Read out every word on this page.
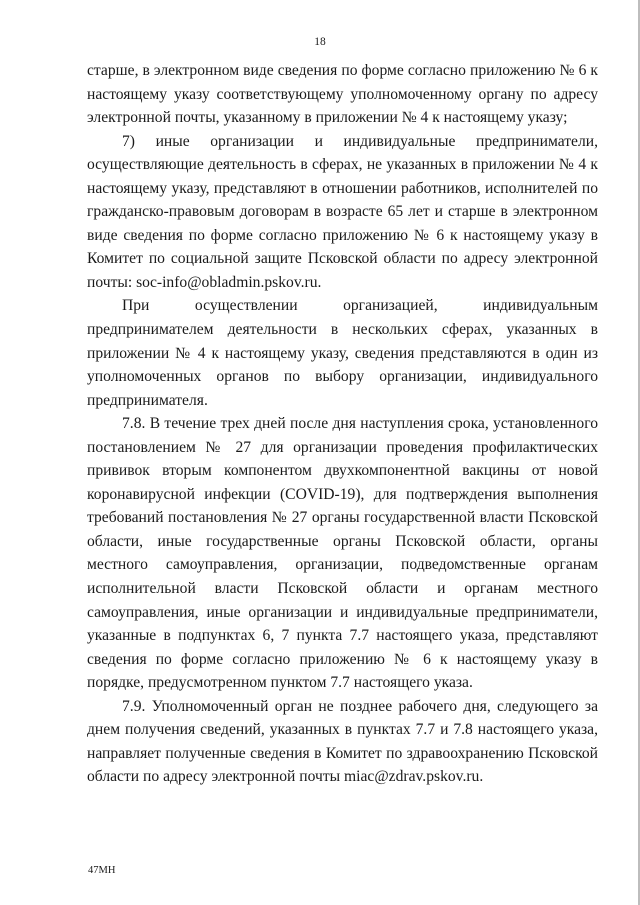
18

старше, в электронном виде сведения по форме согласно приложению № 6 к настоящему указу соответствующему уполномоченному органу по адресу электронной почты, указанному в приложении № 4 к настоящему указу;

7) иные организации и индивидуальные предприниматели, осуществляющие деятельность в сферах, не указанных в приложении № 4 к настоящему указу, представляют в отношении работников, исполнителей по гражданско-правовым договорам в возрасте 65 лет и старше в электронном виде сведения по форме согласно приложению № 6 к настоящему указу в Комитет по социальной защите Псковской области по адресу электронной почты: soc-info@obladmin.pskov.ru.

При осуществлении организацией, индивидуальным предпринимателем деятельности в нескольких сферах, указанных в приложении № 4 к настоящему указу, сведения представляются в один из уполномоченных органов по выбору организации, индивидуального предпринимателя.

7.8. В течение трех дней после дня наступления срока, установленного постановлением № 27 для организации проведения профилактических прививок вторым компонентом двухкомпонентной вакцины от новой коронавирусной инфекции (COVID-19), для подтверждения выполнения требований постановления № 27 органы государственной власти Псковской области, иные государственные органы Псковской области, органы местного самоуправления, организации, подведомственные органам исполнительной власти Псковской области и органам местного самоуправления, иные организации и индивидуальные предприниматели, указанные в подпунктах 6, 7 пункта 7.7 настоящего указа, представляют сведения по форме согласно приложению № 6 к настоящему указу в порядке, предусмотренном пунктом 7.7 настоящего указа.

7.9. Уполномоченный орган не позднее рабочего дня, следующего за днем получения сведений, указанных в пунктах 7.7 и 7.8 настоящего указа, направляет полученные сведения в Комитет по здравоохранению Псковской области по адресу электронной почты miac@zdrav.pskov.ru.

47МН
